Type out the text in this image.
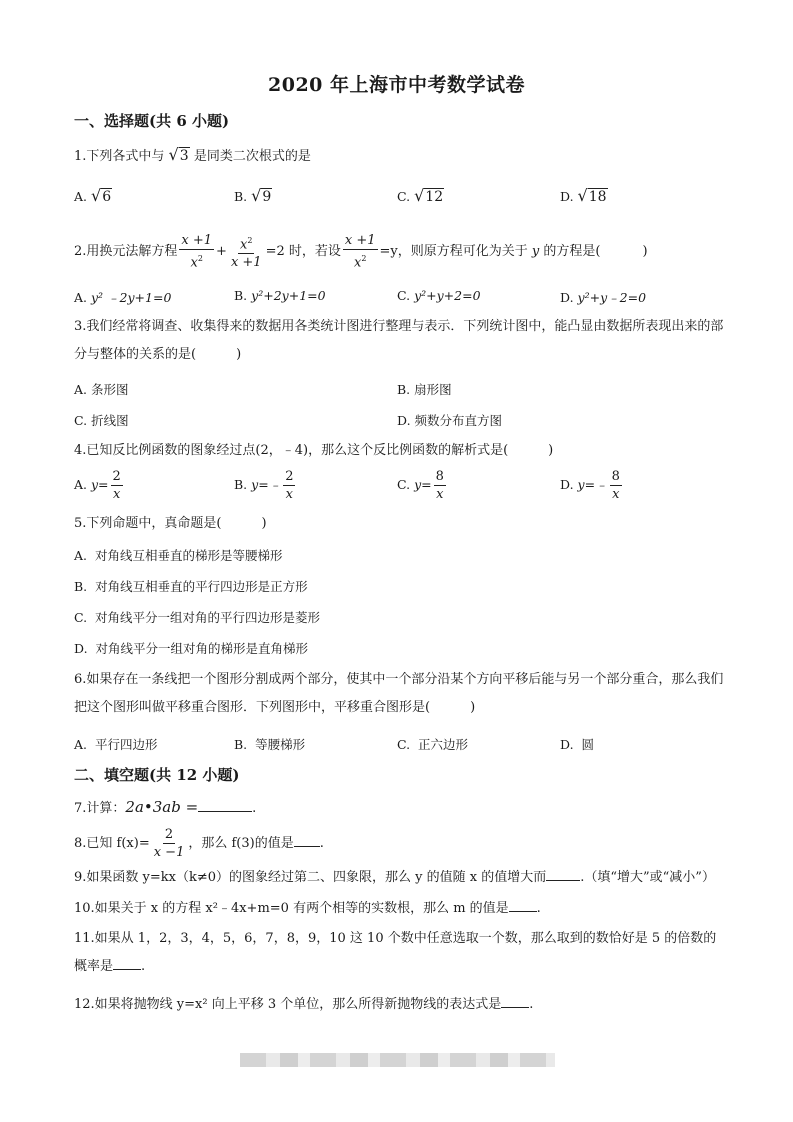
2020 年上海市中考数学试卷
一、选择题(共 6 小题)
1.下列各式中与 √3 是同类二次根式的是
A. √6	B. √9	C. √12	D. √18
2.用换元法解方程 $\frac{x +1}{x^2} + \frac{x^2}{x +1} =2$ 时，若设 $\frac{x +1}{x^2} =y$，则原方程可化为关于 y 的方程是(	)
A. y² ﹣2y+1=0	B. y²+2y+1=0	C. y²+y+2=0	D. y²+y﹣2=0
3.我们经常将调查、收集得来的数据用各类统计图进行整理与表示．下列统计图中，能凸显由数据所表现出来的部分与整体的关系的是(	)
A. 条形图	B. 扇形图
C. 折线图	D. 频数分布直方图
4.已知反比例函数的图象经过点(2，﹣4)，那么这个反比例函数的解析式是(	)
A. $y= \frac{2}{x}$	B. y=﹣ $\frac{2}{x}$	C. $y= \frac{8}{x}$	D. y=﹣ $\frac{8}{x}$
5.下列命题中，真命题是(	)
A. 对角线互相垂直的梯形是等腰梯形
B. 对角线互相垂直的平行四边形是正方形
C. 对角线平分一组对角的平行四边形是菱形
D. 对角线平分一组对角的梯形是直角梯形
6.如果存在一条线把一个图形分割成两个部分，使其中一个部分沿某个方向平移后能与另一个部分重合，那么我们把这个图形叫做平移重合图形．下列图形中，平移重合图形是(	)
A. 平行四边形	B. 等腰梯形	C. 正六边形	D. 圆
二、填空题(共 12 小题)
7.计算：2a•3ab =	.
8.已知 $f(x)= \frac{2}{x -1}$ ，那么 f(3)的值是 .
9.如果函数 y=kx（k≠0）的图象经过第二、四象限，那么 y 的值随 x 的值增大而	.（填“增大”或“减小”）
10.如果关于 x 的方程 x²﹣4x+m=0 有两个相等的实数根，那么 m 的值是 .
11.如果从 1，2，3，4，5，6，7，8，9，10 这 10 个数中任意选取一个数，那么取到的数恰好是 5 的倍数的概率是 .
12.如果将抛物线 y=x² 向上平移 3 个单位，那么所得新抛物线的表达式是 .
